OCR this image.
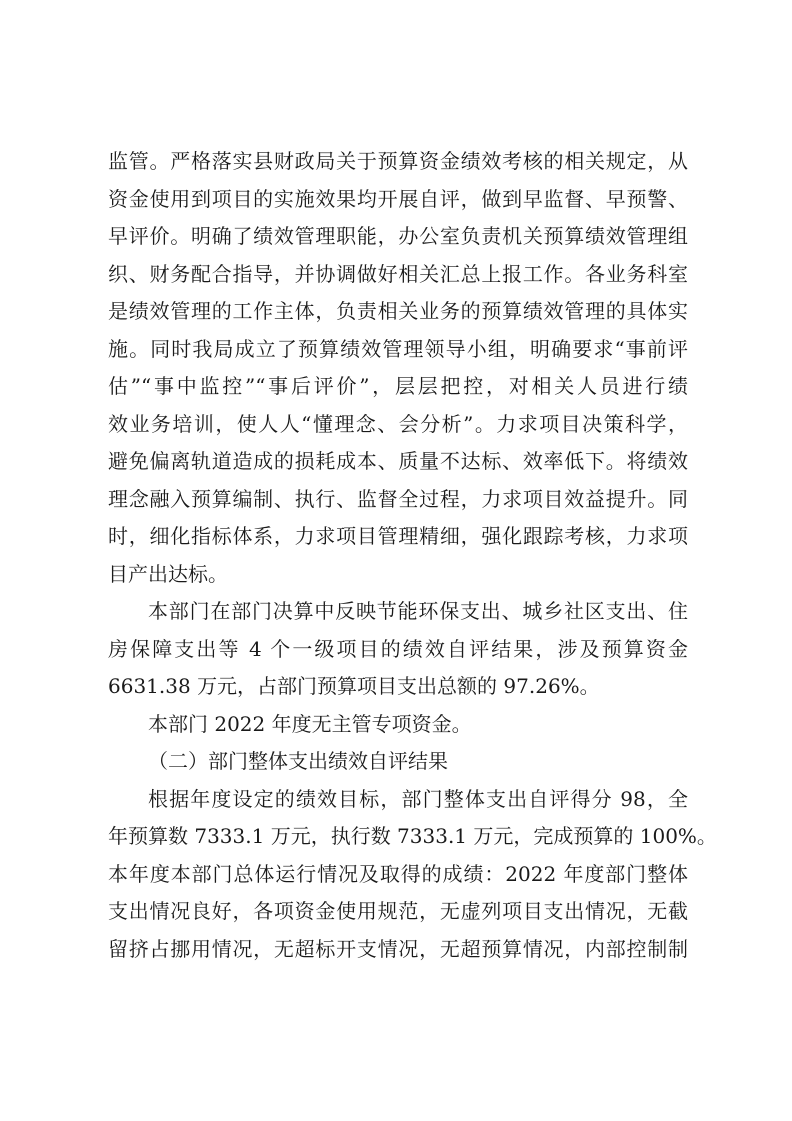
监管。严格落实县财政局关于预算资金绩效考核的相关规定，从
资金使用到项目的实施效果均开展自评，做到早监督、早预警、
早评价。明确了绩效管理职能，办公室负责机关预算绩效管理组
织、财务配合指导，并协调做好相关汇总上报工作。各业务科室
是绩效管理的工作主体，负责相关业务的预算绩效管理的具体实
施。同时我局成立了预算绩效管理领导小组，明确要求“事前评
估”“事中监控”“事后评价”，层层把控，对相关人员进行绩
效业务培训，使人人“懂理念、会分析”。力求项目决策科学，
避免偏离轨道造成的损耗成本、质量不达标、效率低下。将绩效
理念融入预算编制、执行、监督全过程，力求项目效益提升。同
时，细化指标体系，力求项目管理精细，强化跟踪考核，力求项
目产出达标。
本部门在部门决算中反映节能环保支出、城乡社区支出、住
房保障支出等 4 个一级项目的绩效自评结果，涉及预算资金
6631.38 万元，占部门预算项目支出总额的 97.26%。
本部门 2022 年度无主管专项资金。
（二）部门整体支出绩效自评结果
根据年度设定的绩效目标，部门整体支出自评得分 98，全
年预算数 7333.1 万元，执行数 7333.1 万元，完成预算的 100%。
本年度本部门总体运行情况及取得的成绩：2022 年度部门整体
支出情况良好，各项资金使用规范，无虚列项目支出情况，无截
留挤占挪用情况，无超标开支情况，无超预算情况，内部控制制
